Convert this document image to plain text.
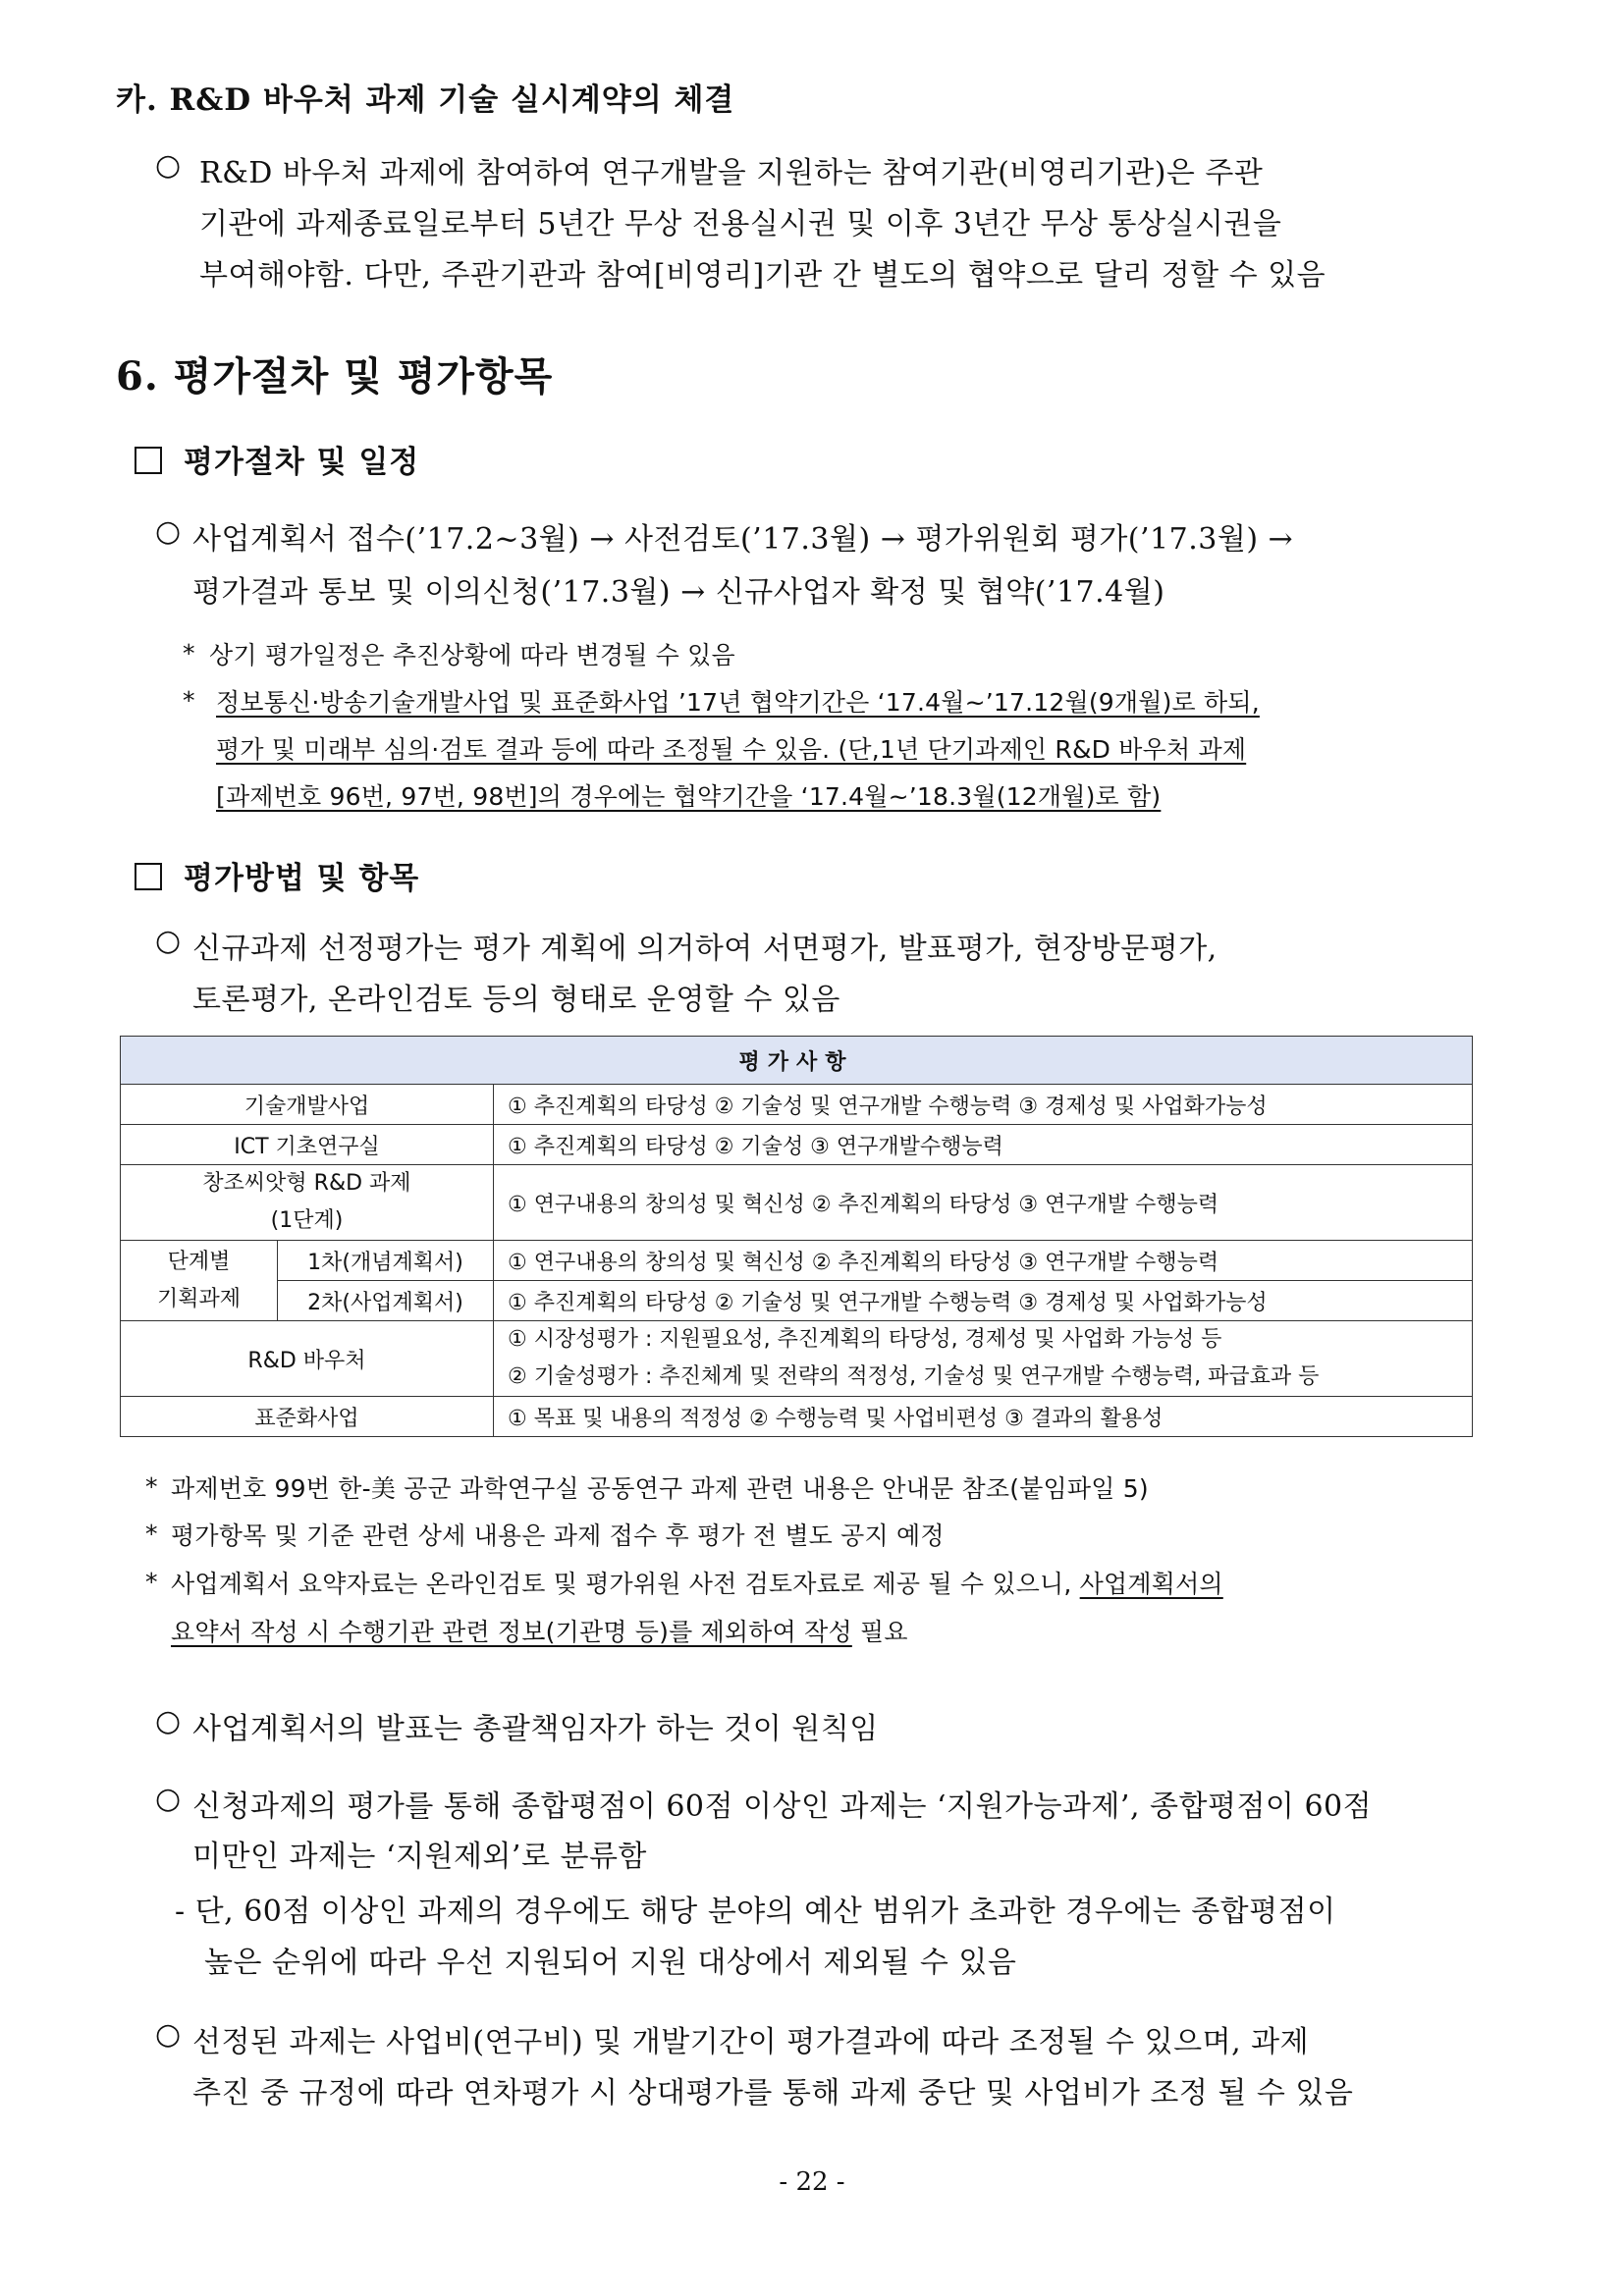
카. R&D 바우처 과제 기술 실시계약의 체결
○ R&D 바우처 과제에 참여하여 연구개발을 지원하는 참여기관(비영리기관)은 주관
기관에 과제종료일로부터 5년간 무상 전용실시권 및 이후 3년간 무상 통상실시권을
부여해야함. 다만, 주관기관과 참여[비영리]기관 간 별도의 협약으로 달리 정할 수 있음
6. 평가절차 및 평가항목
평가절차 및 일정
○ 사업계획서 접수(’17.2~3월) → 사전검토(’17.3월) → 평가위원회 평가(’17.3월) →
평가결과 통보 및 이의신청(’17.3월) → 신규사업자 확정 및 협약(’17.4월)
* 상기 평가일정은 추진상황에 따라 변경될 수 있음
* 정보통신·방송기술개발사업 및 표준화사업 ’17년 협약기간은 ‘17.4월~’17.12월(9개월)로 하되,
평가 및 미래부 심의·검토 결과 등에 따라 조정될 수 있음. (단,1년 단기과제인 R&D 바우처 과제
[과제번호 96번, 97번, 98번]의 경우에는 협약기간을 ‘17.4월~’18.3월(12개월)로 함)
평가방법 및 항목
○ 신규과제 선정평가는 평가 계획에 의거하여 서면평가, 발표평가, 현장방문평가,
토론평가, 온라인검토 등의 형태로 운영할 수 있음
평가사항		
기술개발사업		① 추진계획의 타당성 ② 기술성 및 연구개발 수행능력 ③ 경제성 및 사업화가능성
ICT 기초연구실		① 추진계획의 타당성 ② 기술성 ③ 연구개발수행능력

창조씨앗형 R&D 과제
(1단계)		① 연구내용의 창의성 및 혁신성 ② 추진계획의 타당성 ③ 연구개발 수행능력

단계별
기획과제	1차(개념계획서)	① 연구내용의 창의성 및 혁신성 ② 추진계획의 타당성 ③ 연구개발 수행능력
	2차(사업계획서)	① 추진계획의 타당성 ② 기술성 및 연구개발 수행능력 ③ 경제성 및 사업화가능성
R&D 바우처		① 시장성평가 : 지원필요성, 추진계획의 타당성, 경제성 및 사업화 가능성 등
② 기술성평가 : 추진체계 및 전략의 적정성, 기술성 및 연구개발 수행능력, 파급효과 등

표준화사업		① 목표 및 내용의 적정성 ② 수행능력 및 사업비편성 ③ 결과의 활용성
* 과제번호 99번 한-美 공군 과학연구실 공동연구 과제 관련 내용은 안내문 참조(붙임파일 5)
* 평가항목 및 기준 관련 상세 내용은 과제 접수 후 평가 전 별도 공지 예정
* 사업계획서 요약자료는 온라인검토 및 평가위원 사전 검토자료로 제공 될 수 있으니, 사업계획서의
요약서 작성 시 수행기관 관련 정보(기관명 등)를 제외하여 작성 필요
○ 사업계획서의 발표는 총괄책임자가 하는 것이 원칙임
○ 신청과제의 평가를 통해 종합평점이 60점 이상인 과제는 ‘지원가능과제’, 종합평점이 60점
미만인 과제는 ‘지원제외’로 분류함
- 단, 60점 이상인 과제의 경우에도 해당 분야의 예산 범위가 초과한 경우에는 종합평점이
높은 순위에 따라 우선 지원되어 지원 대상에서 제외될 수 있음
○ 선정된 과제는 사업비(연구비) 및 개발기간이 평가결과에 따라 조정될 수 있으며, 과제
추진 중 규정에 따라 연차평가 시 상대평가를 통해 과제 중단 및 사업비가 조정 될 수 있음
- 22 -
